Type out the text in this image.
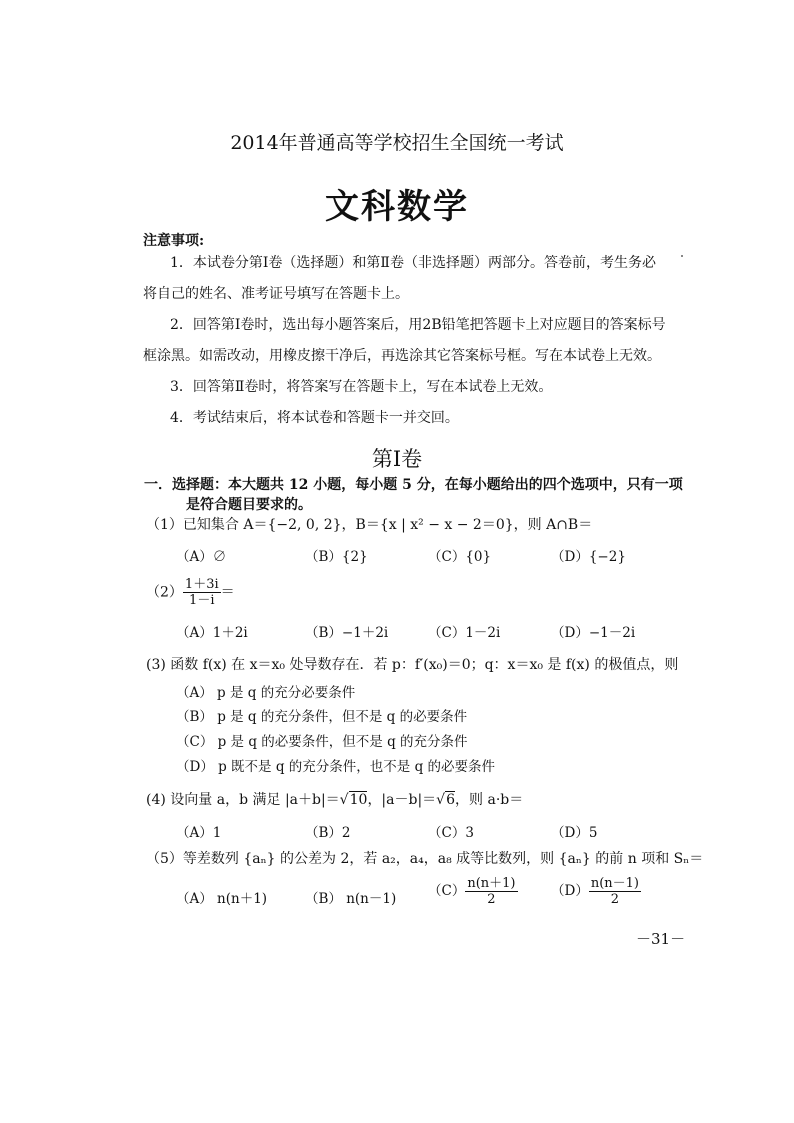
2014年普通高等学校招生全国统一考试
文科数学
注意事项:
1．本试卷分第Ⅰ卷（选择题）和第Ⅱ卷（非选择题）两部分。答卷前，考生务必
将自己的姓名、准考证号填写在答题卡上。
2．回答第Ⅰ卷时，选出每小题答案后，用2B铅笔把答题卡上对应题目的答案标号
框涂黑。如需改动，用橡皮擦干净后，再选涂其它答案标号框。写在本试卷上无效。
3．回答第Ⅱ卷时，将答案写在答题卡上，写在本试卷上无效。
4．考试结束后，将本试卷和答题卡一并交回。
第Ⅰ卷
一．选择题：本大题共 12 小题，每小题 5 分，在每小题给出的四个选项中，只有一项
是符合题目要求的。
（1）已知集合 A＝{−2, 0, 2}，B＝{x | x² − x − 2＝0}，则 A∩B＝
（A）∅	（B）{2}	（C）{0}	（D）{−2}
$(2) \frac{1+3i}{1-i}$ ＝
（A）1＋2i	（B）−1＋2i	（C）1－2i	（D）−1－2i
(3) 函数 f(x) 在 x＝x₀ 处导数存在．若 p：f′(x₀)＝0；q：x＝x₀ 是 f(x) 的极值点，则
（A） p 是 q 的充分必要条件
（B） p 是 q 的充分条件，但不是 q 的必要条件
（C） p 是 q 的必要条件，但不是 q 的充分条件
（D） p 既不是 q 的充分条件，也不是 q 的必要条件
(4) 设向量 a，b 满足 |a＋b|＝√10，|a－b|＝√6，则 a·b＝
（A）1	（B）2	（C）3	（D）5
（5）等差数列 {aₙ} 的公差为 2，若 a₂，a₄，a₈ 成等比数列，则 {aₙ} 的前 n 项和 Sₙ＝
（A） n(n＋1)	（B） n(n－1) $(C) \frac{n(n+1)}{2} (D) \frac{n(n-1)}{2}$
－31－
